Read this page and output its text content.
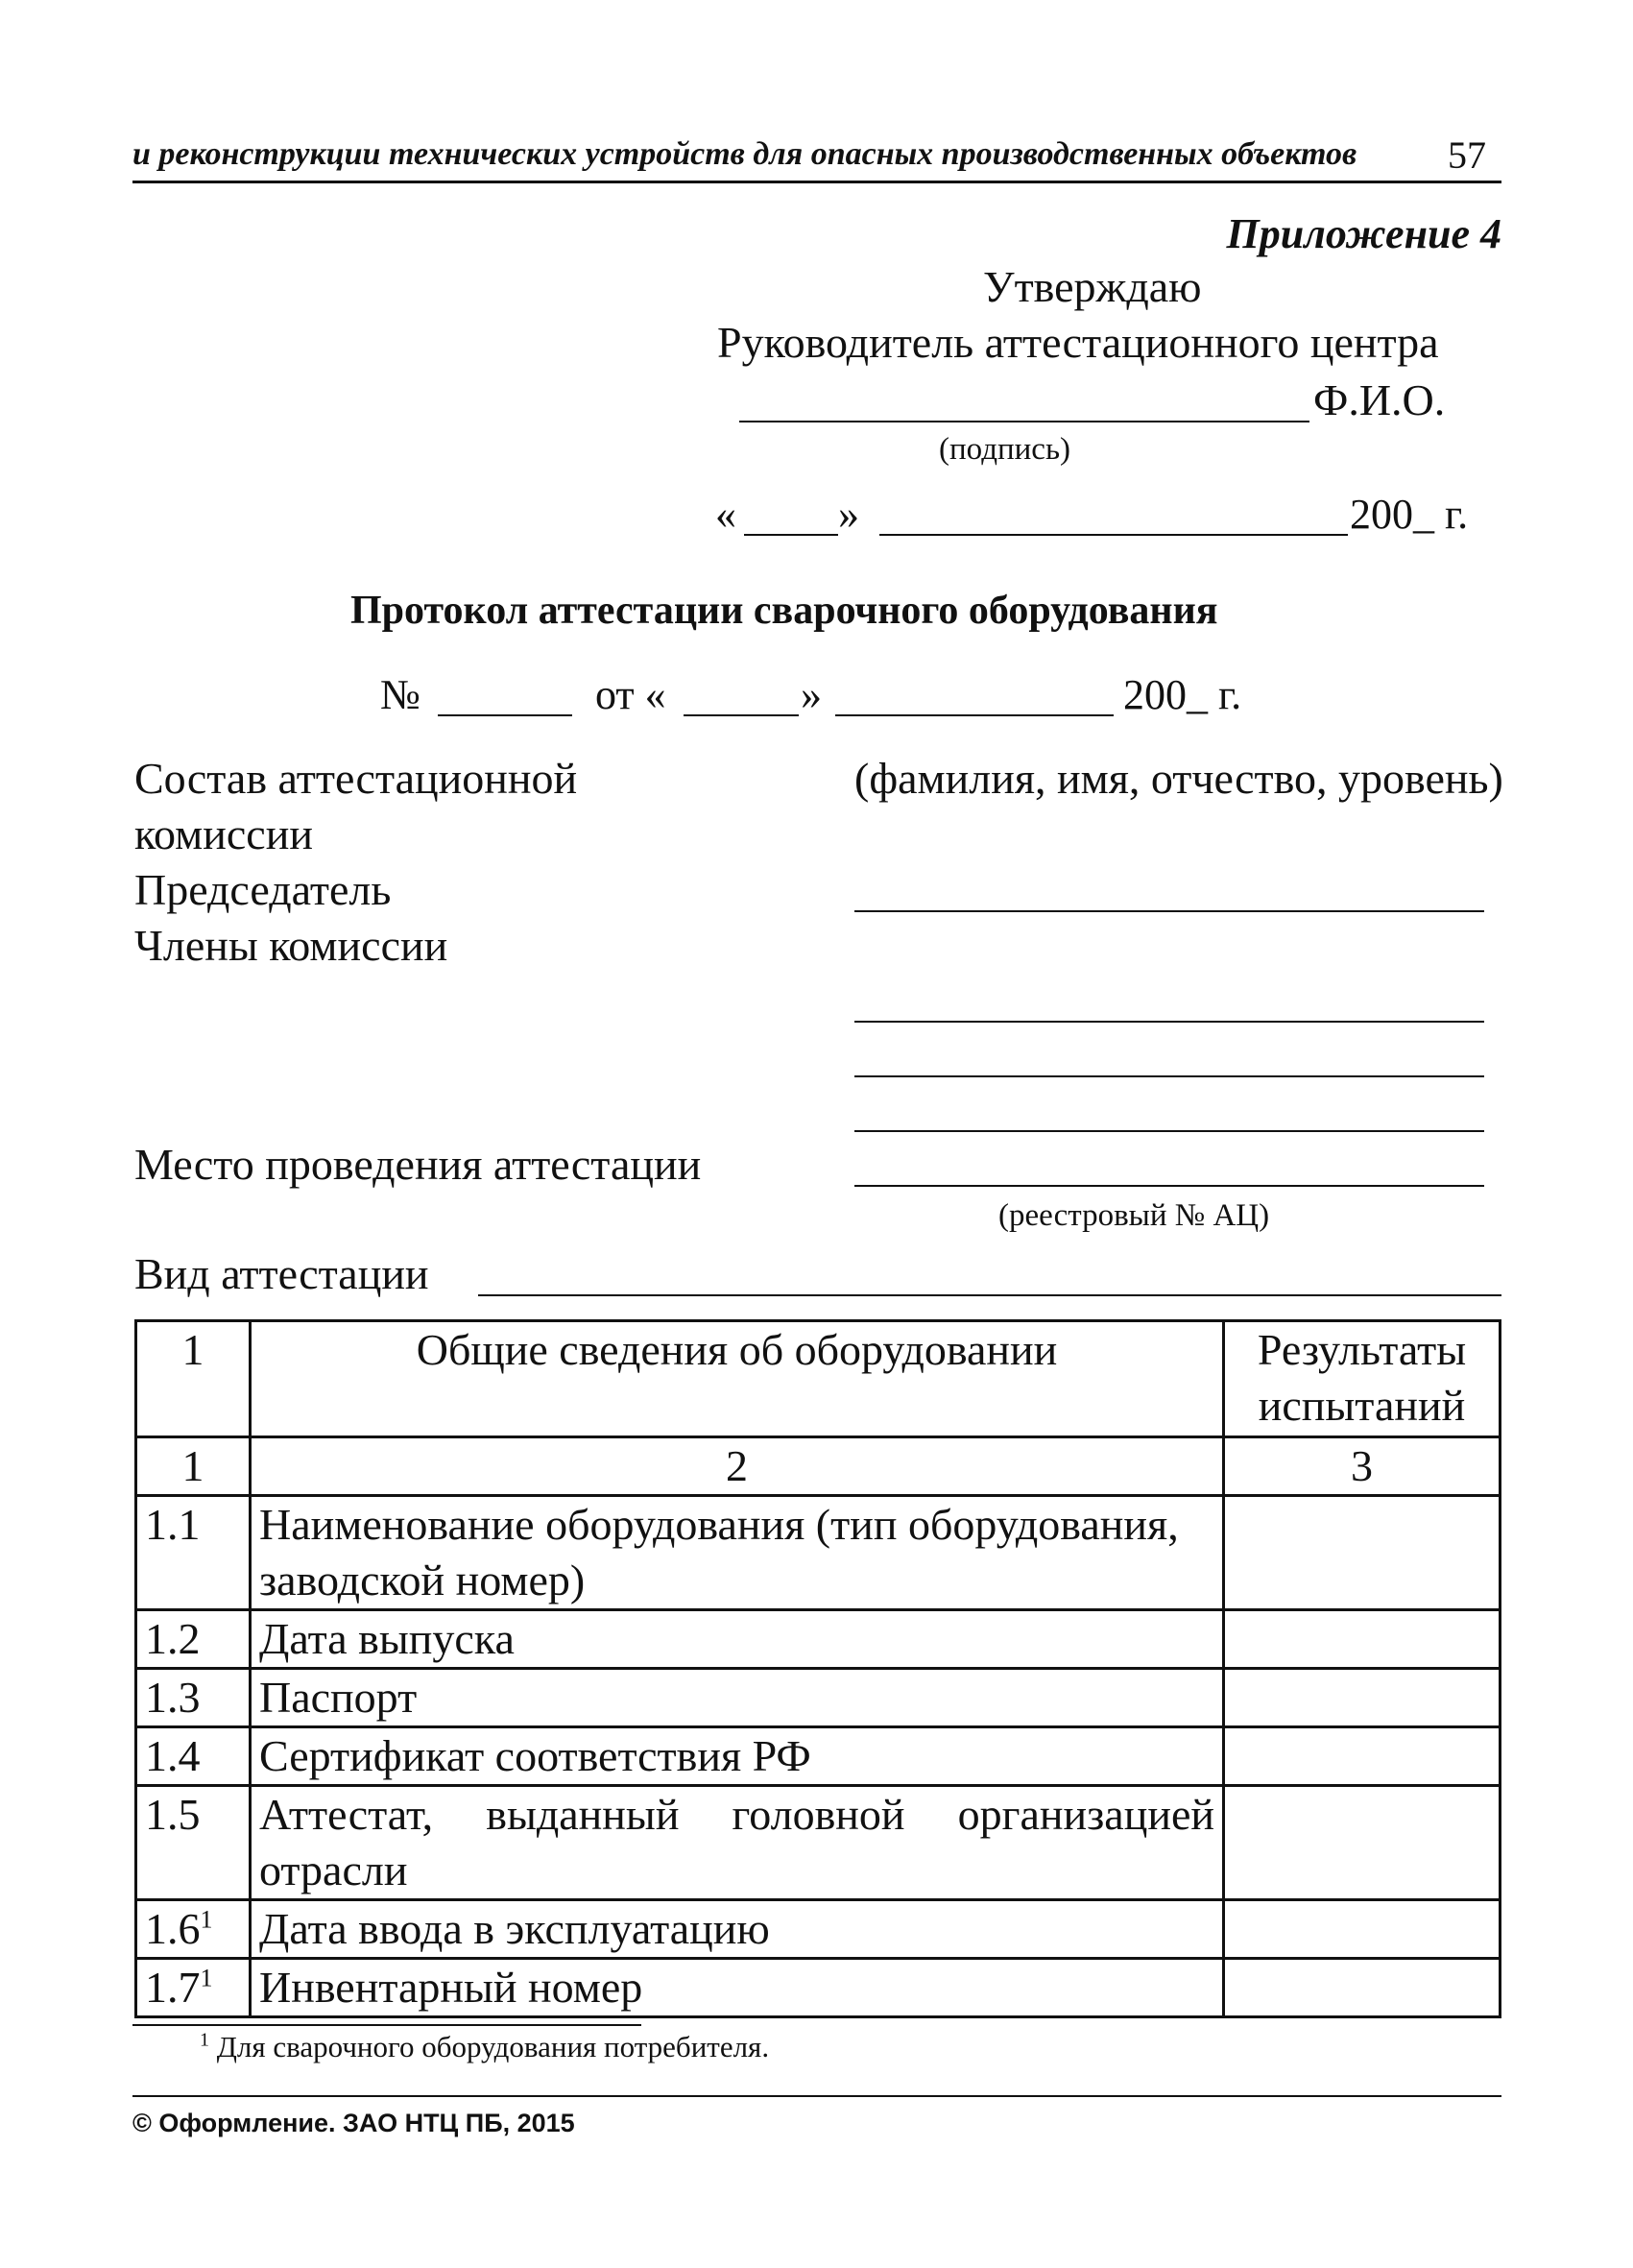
и реконструкции технических устройств для опасных производственных объектов 57
Приложение 4
Утверждаю
Руководитель аттестационного центра
Ф.И.О.
(подпись)
« »	200_ г.
Протокол аттестации сварочного оборудования
№	от «	»	200_ г.
Состав аттестационной
комиссии
(фамилия, имя, отчество, уровень)
Председатель
Члены комиссии
Место проведения аттестации
(реестровый № АЦ)
Вид аттестации
1	Общие сведения об оборудовании	Результаты испытаний
1	2	3
1.1	Наименование оборудования (тип оборудования, заводской номер)	
1.2	Дата выпуска	
1.3	Паспорт	
1.4	Сертификат соответствия РФ	
1.5	Аттестат, выданный головной организацией отрасли	
$1.6^1$	Дата ввода в эксплуатацию	
$1.7^1$	Инвентарный номер	
$^1$ Для сварочного оборудования потребителя.
© Оформление. ЗАО НТЦ ПБ, 2015
